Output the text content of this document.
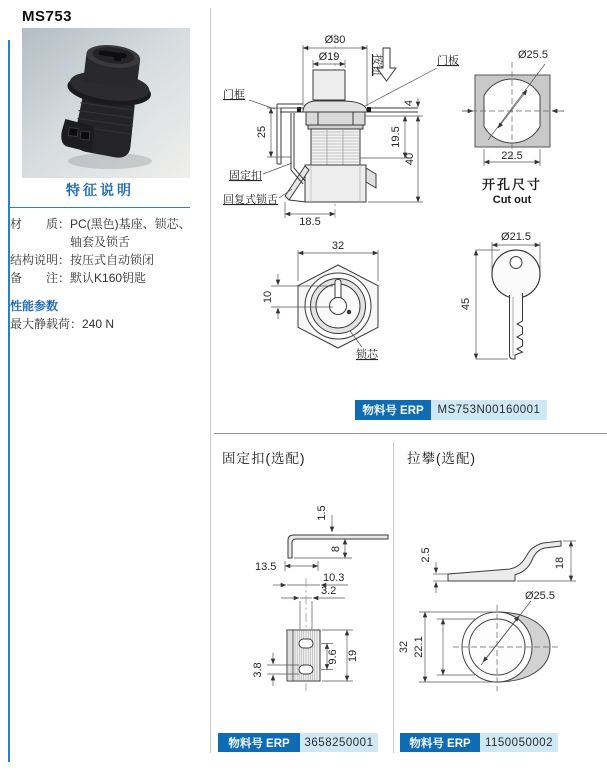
MS753
特征说明
材　　质：PC(黑色)基座、锁芯、
轴套及锁舌
结构说明：按压式自动锁闭
备　　注：默认K160钥匙
性能参数
最大静载荷：240 N
Ø30
Ø19
25
18.5
4
40
19.5
按钮	门板
门框
固定扣
回复式锁舌
Ø25.5
22.5
开孔尺寸
Cut out
32
10
锁芯
Ø21.5
45
物料号 ERP	MS753N00160001
固定扣(选配)	拉攀(选配)
1.5
8
13.5
10.3
3.2
3.8
9.6 19
2.5
18
Ø25.5
32 22.1
物料号 ERP	3658250001	物料号 ERP	1150050002
